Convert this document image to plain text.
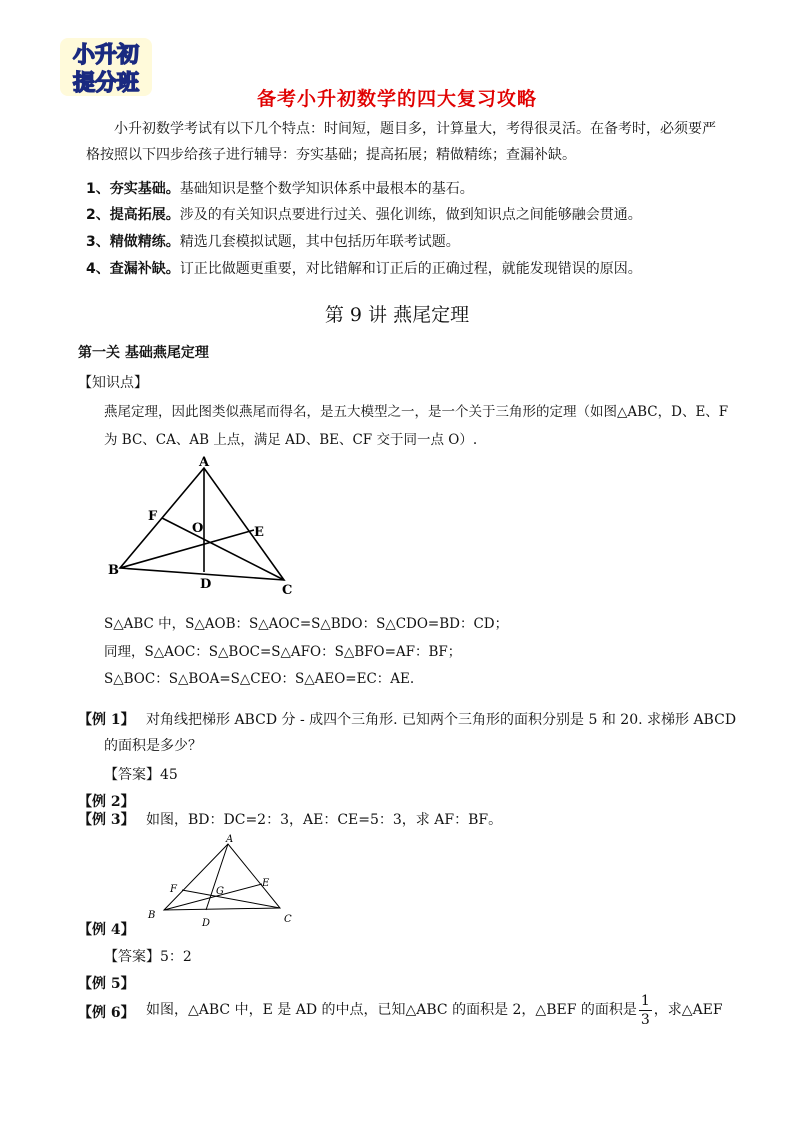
小升初
提分班
备考小升初数学的四大复习攻略
小升初数学考试有以下几个特点：时间短，题目多，计算量大，考得很灵活。在备考时，必须要严格按照以下四步给孩子进行辅导：夯实基础；提高拓展；精做精练；查漏补缺。
1、夯实基础。基础知识是整个数学知识体系中最根本的基石。
2、提高拓展。涉及的有关知识点要进行过关、强化训练，做到知识点之间能够融会贯通。
3、精做精练。精选几套模拟试题，其中包括历年联考试题。
4、查漏补缺。订正比做题更重要，对比错解和订正后的正确过程，就能发现错误的原因。
第 9 讲 燕尾定理
第一关 基础燕尾定理
【知识点】
燕尾定理，因此图类似燕尾而得名，是五大模型之一，是一个关于三角形的定理（如图△ABC，D、E、F 为 BC、CA、AB 上点，满足 AD、BE、CF 交于同一点 O）.
A
B
C
D
E
F
O
S△ABC 中，S△AOB：S△AOC=S△BDO：S△CDO=BD：CD；
同理，S△AOC：S△BOC=S△AFO：S△BFO=AF：BF；
S△BOC：S△BOA=S△CEO：S△AEO=EC：AE.
【例 1】 对角线把梯形 ABCD 分 - 成四个三角形. 已知两个三角形的面积分别是 5 和 20. 求梯形 ABCD
的面积是多少？
【答案】45
【例 2】
【例 3】 如图，BD：DC=2：3，AE：CE=5：3，求 AF：BF。
A
B	C
D
E
F	G
【例 4】
【答案】5：2
【例 5】
【例 6】 如图，△ABC 中，E 是 AD 的中点，已知△ABC 的面积是 2，△BEF 的面积是 $\frac{1}{3}$ ，求△AEF
